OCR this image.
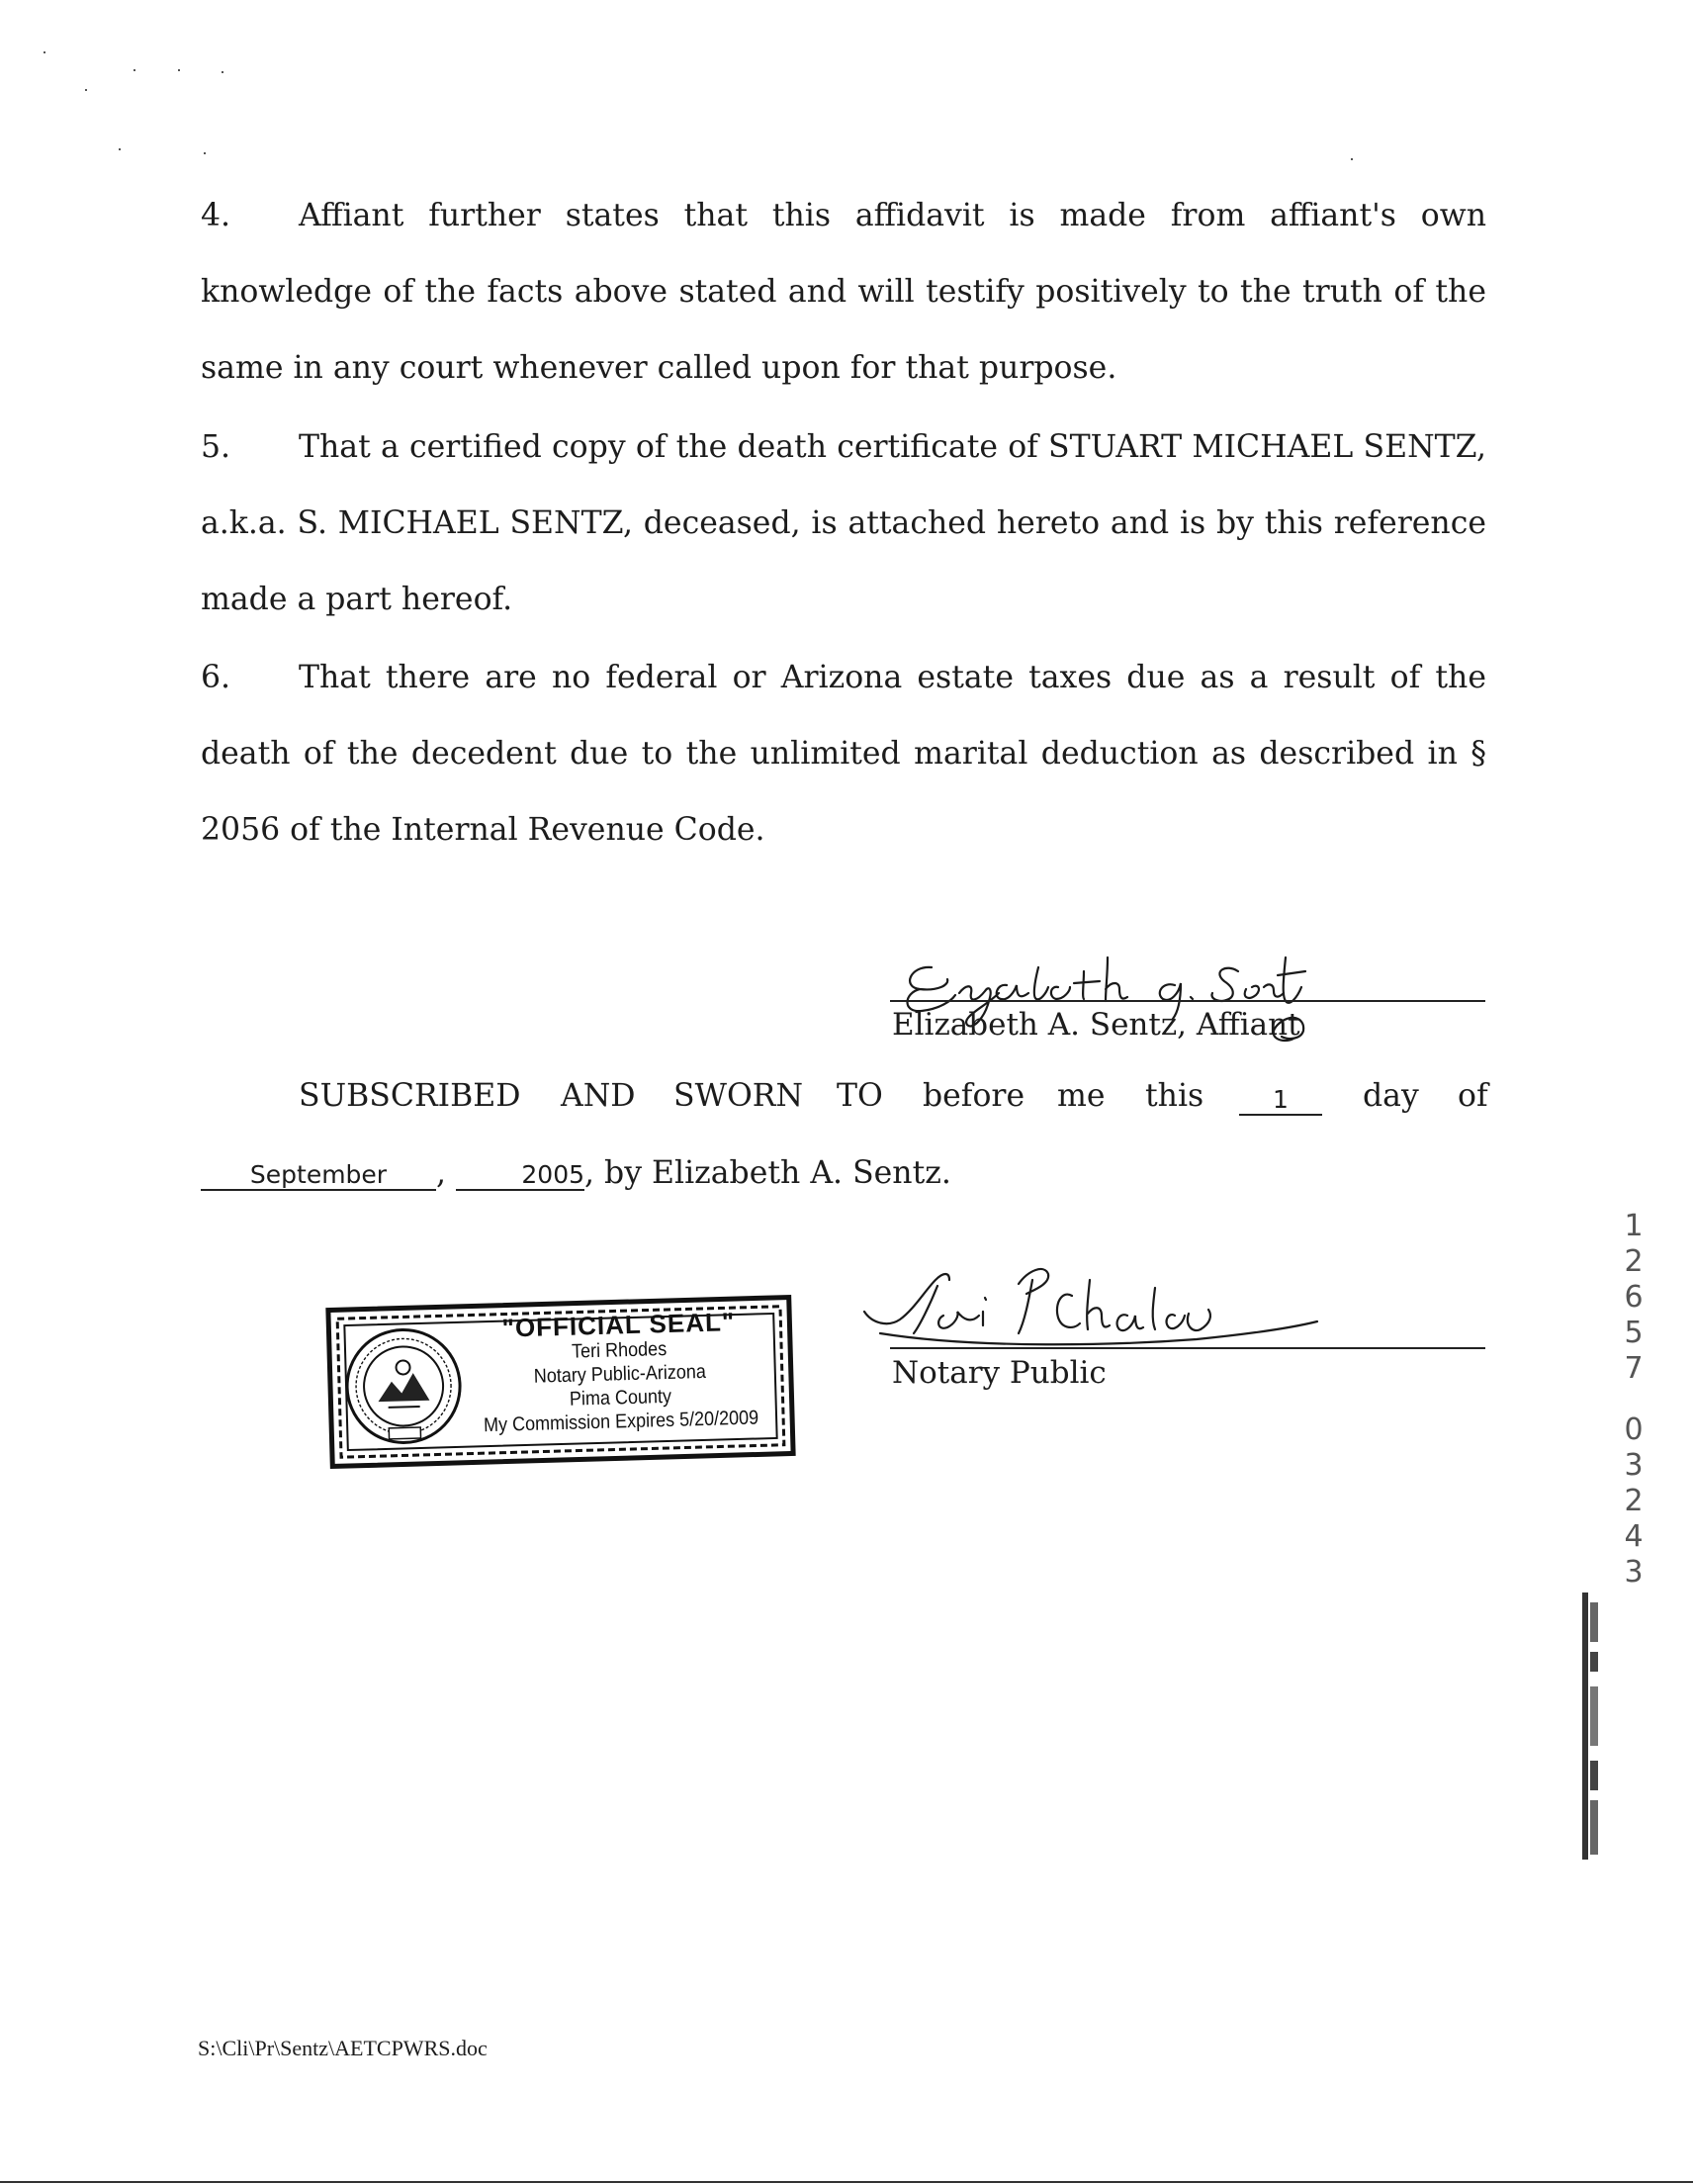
4. Affiant further states that this affidavit is made from affiant's own knowledge of the facts above stated and will testify positively to the truth of the same in any court whenever called upon for that purpose.
5. That a certified copy of the death certificate of STUART MICHAEL SENTZ, a.k.a. S. MICHAEL SENTZ, deceased, is attached hereto and is by this reference made a part hereof.
6. That there are no federal or Arizona estate taxes due as a result of the death of the decedent due to the unlimited marital deduction as described in § 2056 of the Internal Revenue Code.
Elizabeth A. Sentz, Affiant
SUBSCRIBED AND SWORN TO before me this	1	day of
September ,	2005, by Elizabeth A. Sentz.
Notary Public
"OFFICIAL SEAL"
Teri Rhodes
Notary Public-Arizona
Pima County
My Commission Expires 5/20/2009
1
2
6
5
7
0
3
2
4
3
S:\Cli\Pr\Sentz\AETCPWRS.doc
